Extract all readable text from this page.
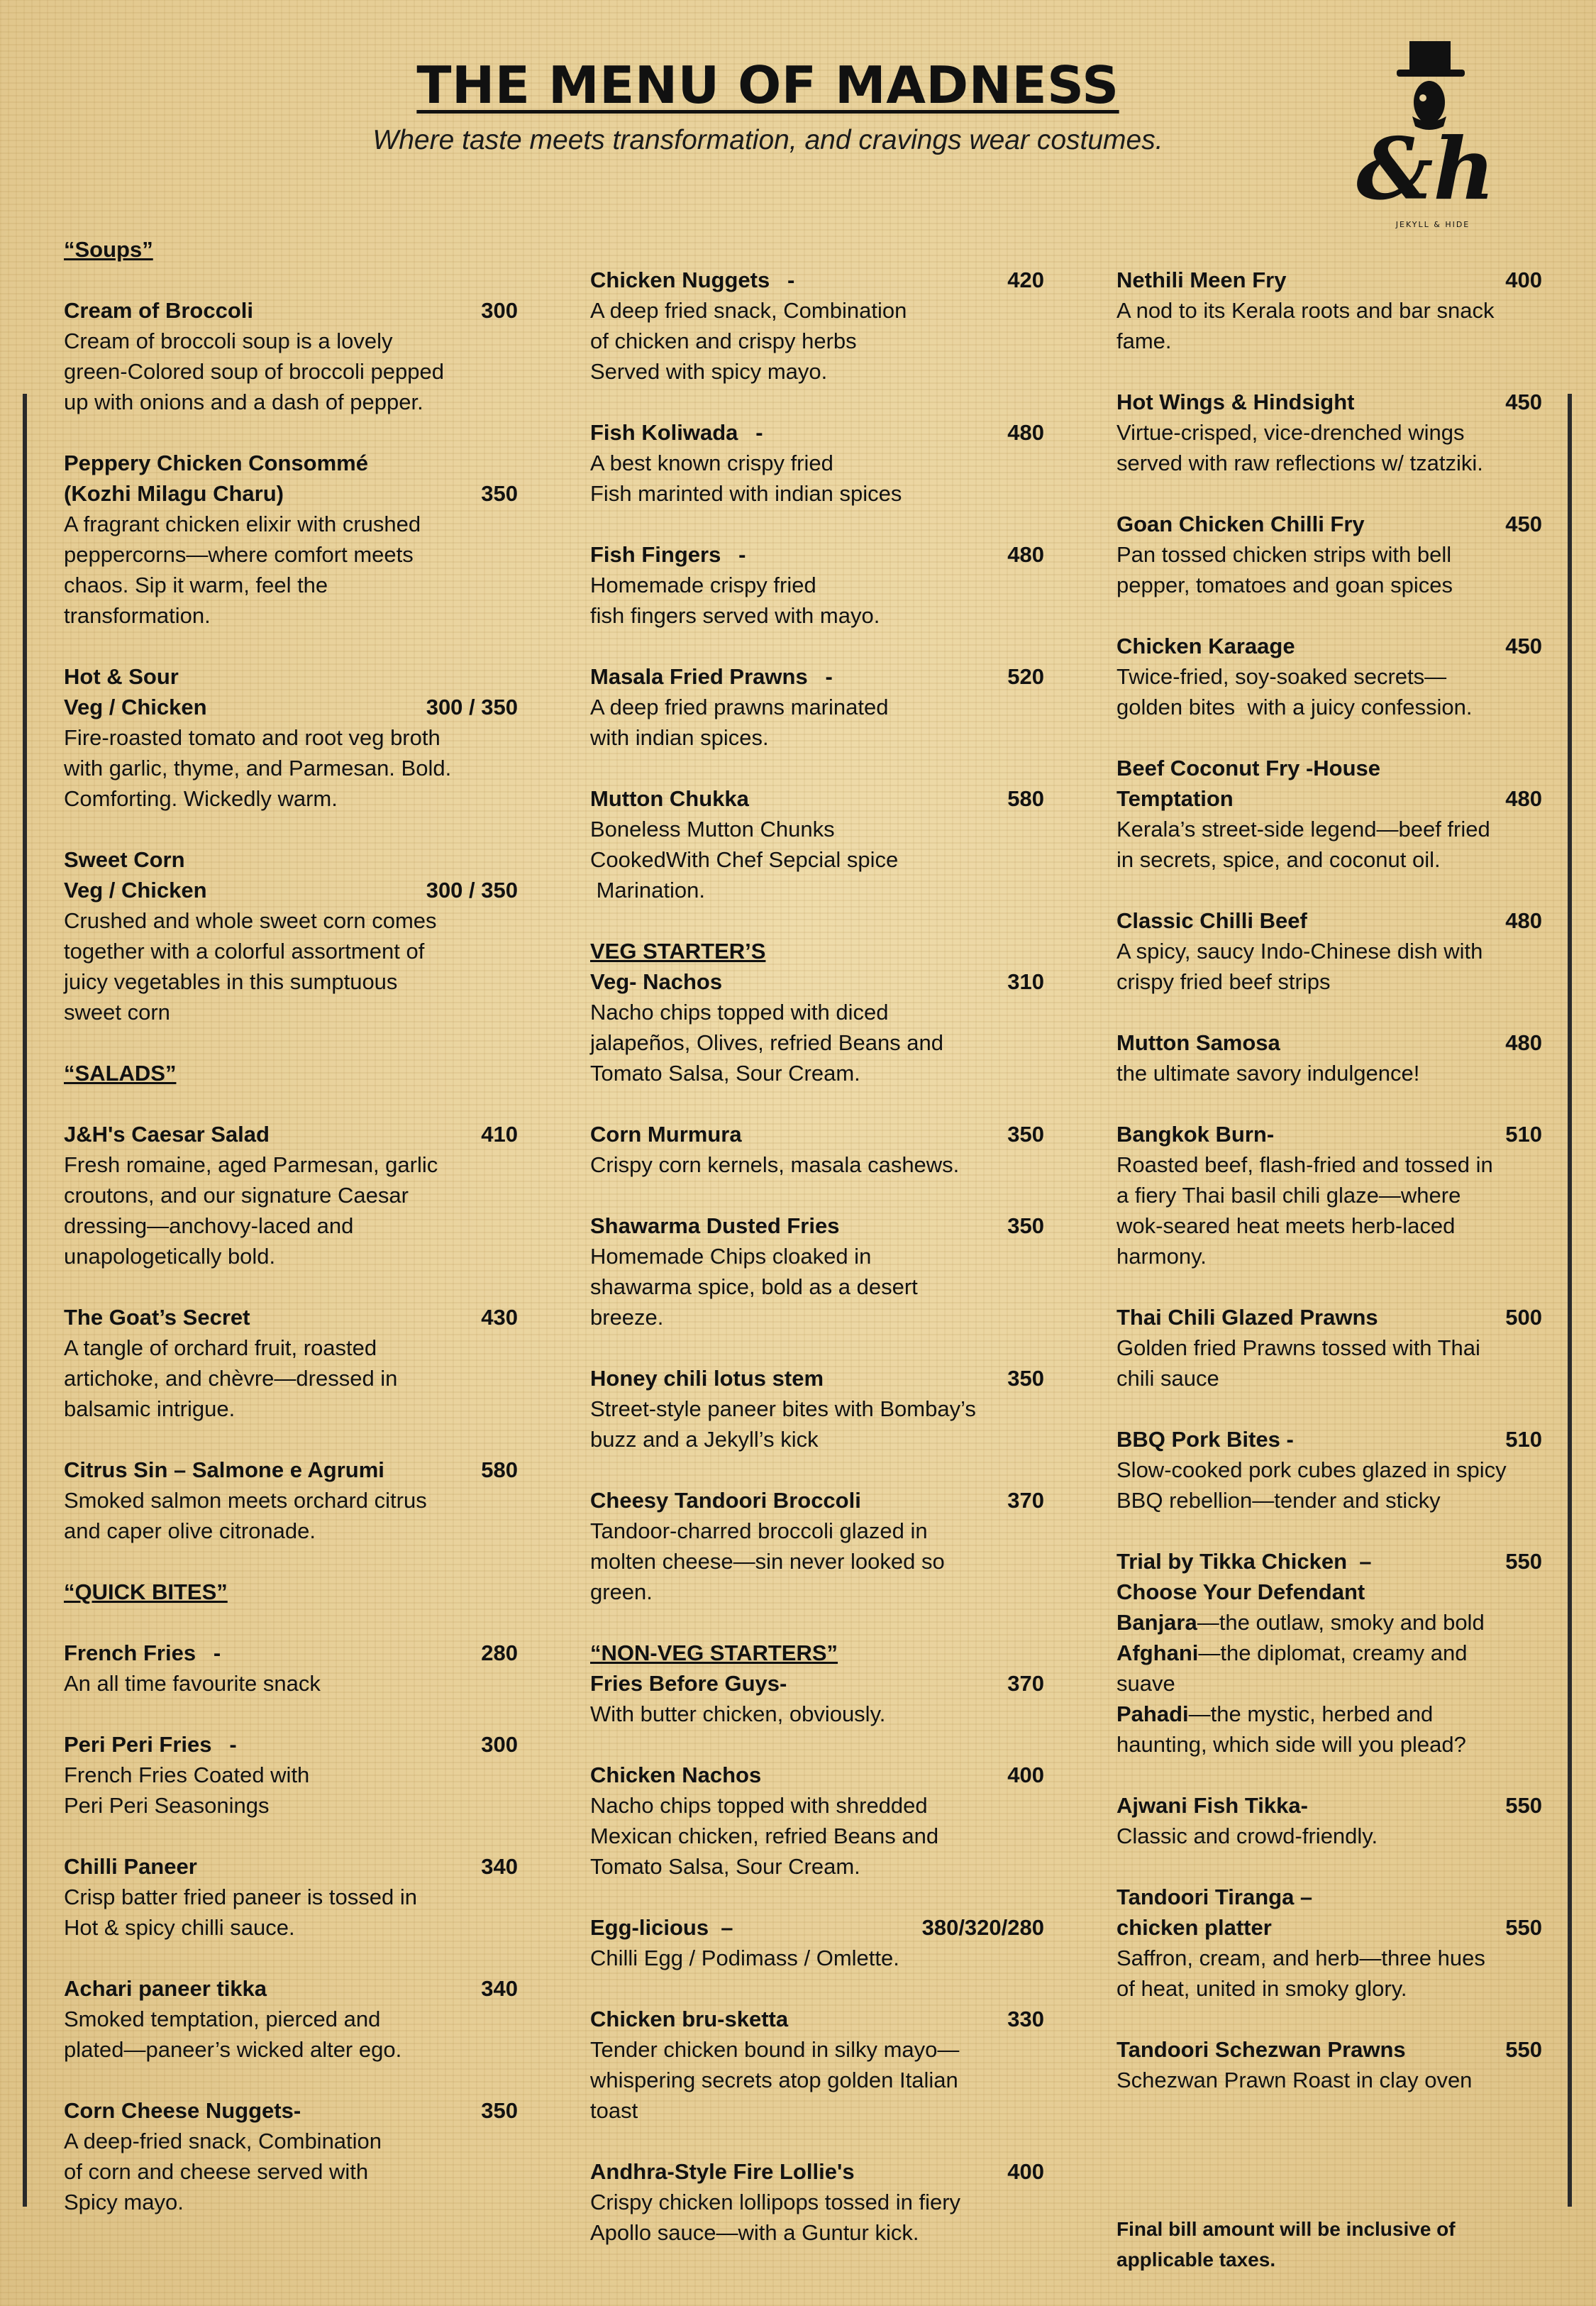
THE MENU OF MADNESS
Where taste meets transformation, and cravings wear costumes.	&h
JEKYLL & HIDE
“Soups”
Cream of Broccoli	300
Cream of broccoli soup is a lovely
green-Colored soup of broccoli pepped
up with onions and a dash of pepper.
Peppery Chicken Consommé
(Kozhi Milagu Charu)	350
A fragrant chicken elixir with crushed
peppercorns—where comfort meets
chaos. Sip it warm, feel the
transformation.
Hot & Sour
Veg / Chicken	300 / 350
Fire-roasted tomato and root veg broth
with garlic, thyme, and Parmesan. Bold.
Comforting. Wickedly warm.
Sweet Corn
Veg / Chicken	300 / 350
Crushed and whole sweet corn comes
together with a colorful assortment of
juicy vegetables in this sumptuous
sweet corn
“SALADS”
J&H's Caesar Salad	410
Fresh romaine, aged Parmesan, garlic
croutons, and our signature Caesar
dressing—anchovy-laced and
unapologetically bold.
The Goat’s Secret	430
A tangle of orchard fruit, roasted
artichoke, and chèvre—dressed in
balsamic intrigue.
Citrus Sin – Salmone e Agrumi	580
Smoked salmon meets orchard citrus
and caper olive citronade.
“QUICK BITES”
French Fries -	280
An all time favourite snack
Peri Peri Fries -	300
French Fries Coated with
Peri Peri Seasonings
Chilli Paneer	340
Crisp batter fried paneer is tossed in
Hot & spicy chilli sauce.
Achari paneer tikka	340
Smoked temptation, pierced and
plated—paneer’s wicked alter ego.
Corn Cheese Nuggets-	350
A deep-fried snack, Combination
of corn and cheese served with
Spicy mayo.
Chicken Nuggets -	420
A deep fried snack, Combination
of chicken and crispy herbs
Served with spicy mayo.
Fish Koliwada -	480
A best known crispy fried
Fish marinted with indian spices
Fish Fingers -	480
Homemade crispy fried
fish fingers served with mayo.
Masala Fried Prawns -	520
A deep fried prawns marinated
with indian spices.
Mutton Chukka	580
Boneless Mutton Chunks
CookedWith Chef Sepcial spice
Marination.
VEG STARTER’S
Veg- Nachos	310
Nacho chips topped with diced
jalapeños, Olives, refried Beans and
Tomato Salsa, Sour Cream.
Corn Murmura	350
Crispy corn kernels, masala cashews.
Shawarma Dusted Fries	350
Homemade Chips cloaked in
shawarma spice, bold as a desert
breeze.
Honey chili lotus stem	350
Street-style paneer bites with Bombay’s
buzz and a Jekyll’s kick
Cheesy Tandoori Broccoli	370
Tandoor-charred broccoli glazed in
molten cheese—sin never looked so
green.
“NON-VEG STARTERS”
Fries Before Guys-	370
With butter chicken, obviously.
Chicken Nachos	400
Nacho chips topped with shredded
Mexican chicken, refried Beans and
Tomato Salsa, Sour Cream.
Egg-licious  –	380/320/280
Chilli Egg / Podimass / Omlette.
Chicken bru-sketta	330
Tender chicken bound in silky mayo—
whispering secrets atop golden Italian
toast
Andhra-Style Fire Lollie's	400
Crispy chicken lollipops tossed in fiery
Apollo sauce—with a Guntur kick.
Nethili Meen Fry	400
A nod to its Kerala roots and bar snack
fame.
Hot Wings & Hindsight	450
Virtue-crisped, vice-drenched wings
served with raw reflections w/ tzatziki.
Goan Chicken Chilli Fry	450
Pan tossed chicken strips with bell
pepper, tomatoes and goan spices
Chicken Karaage	450
Twice-fried, soy-soaked secrets—
golden bites  with a juicy confession.
Beef Coconut Fry -House
Temptation	480
Kerala’s street-side legend—beef fried
in secrets, spice, and coconut oil.
Classic Chilli Beef	480
A spicy, saucy Indo-Chinese dish with
crispy fried beef strips
Mutton Samosa	480
the ultimate savory indulgence!
Bangkok Burn-	510
Roasted beef, flash-fried and tossed in
a fiery Thai basil chili glaze—where
wok-seared heat meets herb-laced
harmony.
Thai Chili Glazed Prawns	500
Golden fried Prawns tossed with Thai
chili sauce
BBQ Pork Bites -	510
Slow-cooked pork cubes glazed in spicy
BBQ rebellion—tender and sticky
Trial by Tikka Chicken  –	550
Choose Your Defendant
Banjara—the outlaw, smoky and bold
Afghani—the diplomat, creamy and
suave
Pahadi—the mystic, herbed and
haunting, which side will you plead?
Ajwani Fish Tikka-	550
Classic and crowd-friendly.
Tandoori Tiranga –
chicken platter	550
Saffron, cream, and herb—three hues
of heat, united in smoky glory.
Tandoori Schezwan Prawns	550
Schezwan Prawn Roast in clay oven
Final bill amount will be inclusive of applicable taxes.
